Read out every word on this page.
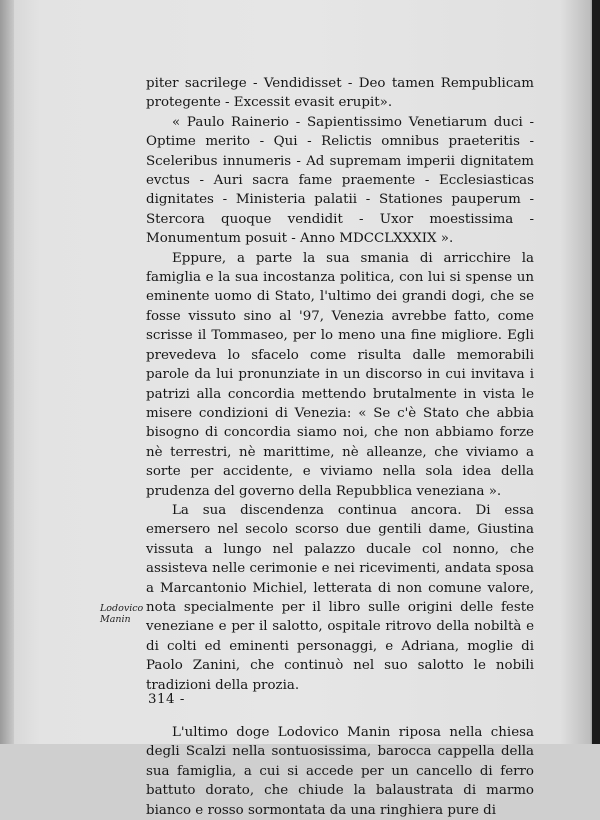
piter sacrilege - Vendidisset - Deo tamen Rempublicam protegente - Excessit evasit erupit».

« Paulo Rainerio - Sapientissimo Venetiarum duci - Optime merito - Qui - Relictis omnibus praeteritis - Sceleribus innumeris - Ad supremam imperii dignitatem evctus - Auri sacra fame praemente - Ecclesiasticas dignitates - Ministeria palatii - Stationes pauperum - Stercora quoque vendidit - Uxor moestissima - Monumentum posuit - Anno MDCCLXXXIX ».

Eppure, a parte la sua smania di arricchire la famiglia e la sua incostanza politica, con lui si spense un eminente uomo di Stato, l'ultimo dei grandi dogi, che se fosse vissuto sino al '97, Venezia avrebbe fatto, come scrisse il Tommaseo, per lo meno una fine migliore. Egli prevedeva lo sfacelo come risulta dalle memorabili parole da lui pronunziate in un discorso in cui invitava i patrizi alla concordia mettendo brutalmente in vista le misere condizioni di Venezia: « Se c'è Stato che abbia bisogno di concordia siamo noi, che non abbiamo forze nè terrestri, nè marittime, nè alleanze, che viviamo a sorte per accidente, e viviamo nella sola idea della prudenza del governo della Repubblica veneziana ».

La sua discendenza continua ancora. Di essa emersero nel secolo scorso due gentili dame, Giustina vissuta a lungo nel palazzo ducale col nonno, che assisteva nelle cerimonie e nei ricevimenti, andata sposa a Marcantonio Michiel, letterata di non comune valore, nota specialmente per il libro sulle origini delle feste veneziane e per il salotto, ospitale ritrovo della nobiltà e di colti ed eminenti personaggi, e Adriana, moglie di Paolo Zanini, che continuò nel suo salotto le nobili tradizioni della prozia.

L'ultimo doge Lodovico Manin riposa nella chiesa degli Scalzi nella sontuosissima, barocca cappella della sua famiglia, a cui si accede per un cancello di ferro battuto dorato, che chiude la balaustrata di marmo bianco e rosso sormontata da una ringhiera pure di

Lodovico Manin
314 -
